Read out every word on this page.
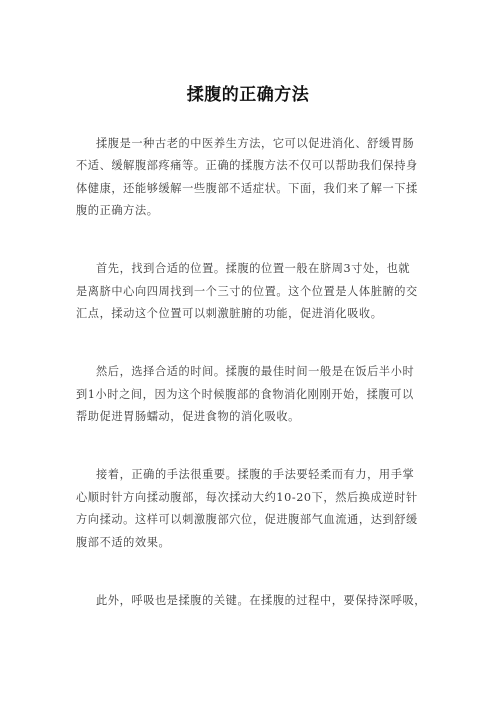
揉腹的正确方法
揉腹是一种古老的中医养生方法，它可以促进消化、舒缓胃肠
不适、缓解腹部疼痛等。正确的揉腹方法不仅可以帮助我们保持身
体健康，还能够缓解一些腹部不适症状。下面，我们来了解一下揉
腹的正确方法。
首先，找到合适的位置。揉腹的位置一般在脐周3寸处，也就
是离脐中心向四周找到一个三寸的位置。这个位置是人体脏腑的交
汇点，揉动这个位置可以刺激脏腑的功能，促进消化吸收。
然后，选择合适的时间。揉腹的最佳时间一般是在饭后半小时
到1小时之间，因为这个时候腹部的食物消化刚刚开始，揉腹可以
帮助促进胃肠蠕动，促进食物的消化吸收。
接着，正确的手法很重要。揉腹的手法要轻柔而有力，用手掌
心顺时针方向揉动腹部，每次揉动大约10-20下，然后换成逆时针
方向揉动。这样可以刺激腹部穴位，促进腹部气血流通，达到舒缓
腹部不适的效果。
此外，呼吸也是揉腹的关键。在揉腹的过程中，要保持深呼吸，
